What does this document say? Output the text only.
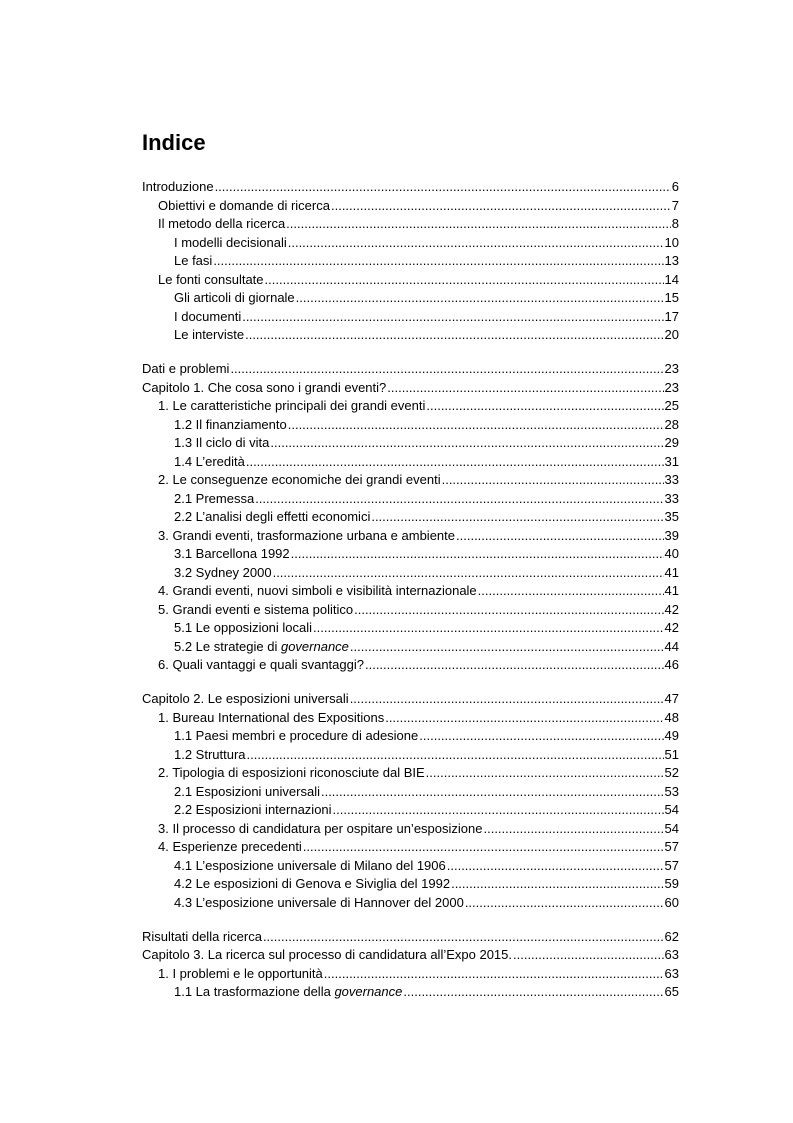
Indice
Introduzione .....	6
Obiettivi e domande di ricerca .....	7
Il metodo della ricerca .....	8
I modelli decisionali .....	10
Le fasi .....	13
Le fonti consultate .....	14
Gli articoli di giornale .....	15
I documenti .....	17
Le interviste .....	20
Dati e problemi .....	23
Capitolo 1. Che cosa sono i grandi eventi? .....	23
1. Le caratteristiche principali dei grandi eventi .....	25
1.2 Il finanziamento .....	28
1.3 Il ciclo di vita .....	29
1.4 L’eredità .....	31
2. Le conseguenze economiche dei grandi eventi .....	33
2.1 Premessa .....	33
2.2 L’analisi degli effetti economici .....	35
3. Grandi eventi, trasformazione urbana e ambiente .....	39
3.1 Barcellona 1992 .....	40
3.2 Sydney 2000 .....	41
4. Grandi eventi, nuovi simboli e visibilità internazionale .....	41
5. Grandi eventi e sistema politico .....	42
5.1 Le opposizioni locali .....	42
5.2 Le strategie di governance .....	44
6. Quali vantaggi e quali svantaggi? .....	46
Capitolo 2. Le esposizioni universali .....	47
1. Bureau International des Expositions .....	48
1.1 Paesi membri e procedure di adesione .....	49
1.2 Struttura .....	51
2. Tipologia di esposizioni riconosciute dal BIE .....	52
2.1 Esposizioni universali .....	53
2.2 Esposizioni internazioni .....	54
3. Il processo di candidatura per ospitare un’esposizione .....	54
4. Esperienze precedenti .....	57
4.1 L’esposizione universale di Milano del 1906 .....	57
4.2 Le esposizioni di Genova e Siviglia del 1992 .....	59
4.3 L’esposizione universale di Hannover del 2000 .....	60
Risultati della ricerca .....	62
Capitolo 3. La ricerca sul processo di candidatura all’Expo 2015. .....	63
1. I problemi e le opportunità .....	63
1.1 La trasformazione della governance .....	65
